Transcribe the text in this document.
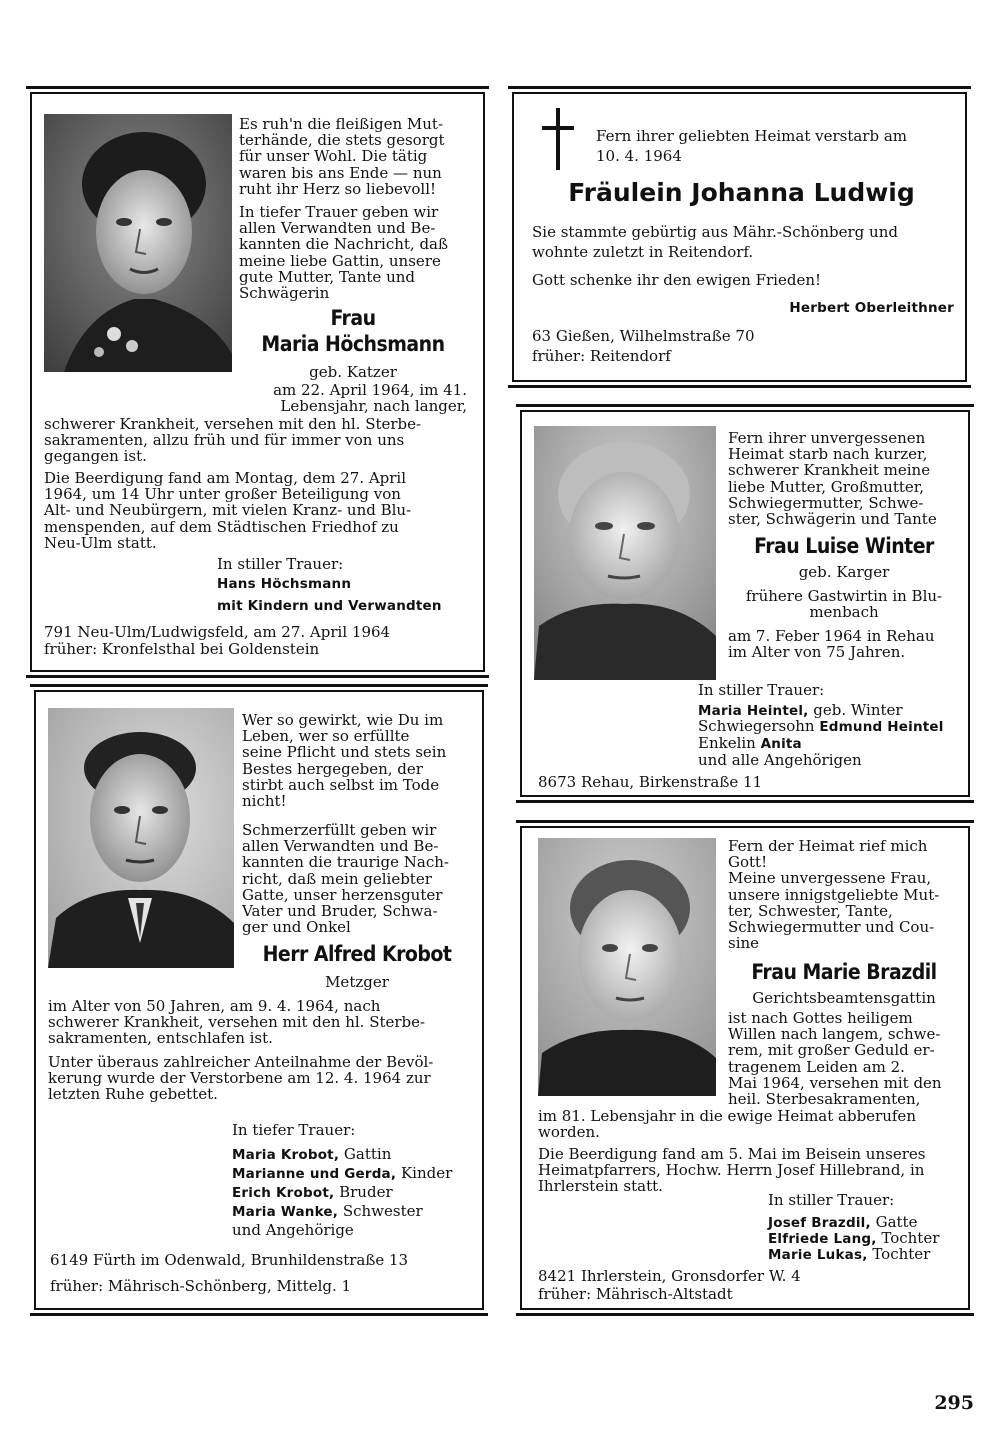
Es ruh'n die fleißigen Mut-
terhände, die stets gesorgt
für unser Wohl. Die tätig
waren bis ans Ende — nun
ruht ihr Herz so liebevoll!
In tiefer Trauer geben wir
allen Verwandten und Be-
kannten die Nachricht, daß
meine liebe Gattin, unsere
gute Mutter, Tante und
Schwägerin
Frau
Maria Höchsmann
geb. Katzer
am 22. April 1964, im 41.
Lebensjahr, nach langer,
schwerer Krankheit, versehen mit den hl. Sterbe-
sakramenten, allzu früh und für immer von uns
gegangen ist.
Die Beerdigung fand am Montag, dem 27. April
1964, um 14 Uhr unter großer Beteiligung von
Alt- und Neubürgern, mit vielen Kranz- und Blu-
menspenden, auf dem Städtischen Friedhof zu
Neu-Ulm statt.
In stiller Trauer:
Hans Höchsmann
mit Kindern und Verwandten
791 Neu-Ulm/Ludwigsfeld, am 27. April 1964
früher: Kronfelsthal bei Goldenstein
Fern ihrer geliebten Heimat verstarb am
10. 4. 1964
Fräulein Johanna Ludwig
Sie stammte gebürtig aus Mähr.-Schönberg und
wohnte zuletzt in Reitendorf.
Gott schenke ihr den ewigen Frieden!
Herbert Oberleithner
63 Gießen, Wilhelmstraße 70
früher: Reitendorf
Fern ihrer unvergessenen
Heimat starb nach kurzer,
schwerer Krankheit meine
liebe Mutter, Großmutter,
Schwiegermutter, Schwe-
ster, Schwägerin und Tante
Frau Luise Winter
geb. Karger
frühere Gastwirtin in Blu-
menbach
am 7. Feber 1964 in Rehau
im Alter von 75 Jahren.
In stiller Trauer:
Maria Heintel, geb. Winter
Schwiegersohn Edmund Heintel
Enkelin Anita
und alle Angehörigen
8673 Rehau, Birkenstraße 11
Wer so gewirkt, wie Du im
Leben, wer so erfüllte
seine Pflicht und stets sein
Bestes hergegeben, der
stirbt auch selbst im Tode
nicht!
Schmerzerfüllt geben wir
allen Verwandten und Be-
kannten die traurige Nach-
richt, daß mein geliebter
Gatte, unser herzensguter
Vater und Bruder, Schwa-
ger und Onkel
Herr Alfred Krobot
Metzger
im Alter von 50 Jahren, am 9. 4. 1964, nach
schwerer Krankheit, versehen mit den hl. Sterbe-
sakramenten, entschlafen ist.
Unter überaus zahlreicher Anteilnahme der Bevöl-
kerung wurde der Verstorbene am 12. 4. 1964 zur
letzten Ruhe gebettet.
In tiefer Trauer:
Maria Krobot, Gattin
Marianne und Gerda, Kinder
Erich Krobot, Bruder
Maria Wanke, Schwester
und Angehörige
6149 Fürth im Odenwald, Brunhildenstraße 13
früher: Mährisch-Schönberg, Mittelg. 1
Fern der Heimat rief mich
Gott!
Meine unvergessene Frau,
unsere innigstgeliebte Mut-
ter, Schwester, Tante,
Schwiegermutter und Cou-
sine
Frau Marie Brazdil
Gerichtsbeamtensgattin
ist nach Gottes heiligem
Willen nach langem, schwe-
rem, mit großer Geduld er-
tragenem Leiden am 2.
Mai 1964, versehen mit den
heil. Sterbesakramenten,
im 81. Lebensjahr in die ewige Heimat abberufen
worden.
Die Beerdigung fand am 5. Mai im Beisein unseres
Heimatpfarrers, Hochw. Herrn Josef Hillebrand, in
Ihrlerstein statt.
In stiller Trauer:
Josef Brazdil, Gatte
Elfriede Lang, Tochter
Marie Lukas, Tochter
8421 Ihrlerstein, Gronsdorfer W. 4
früher: Mährisch-Altstadt
295
